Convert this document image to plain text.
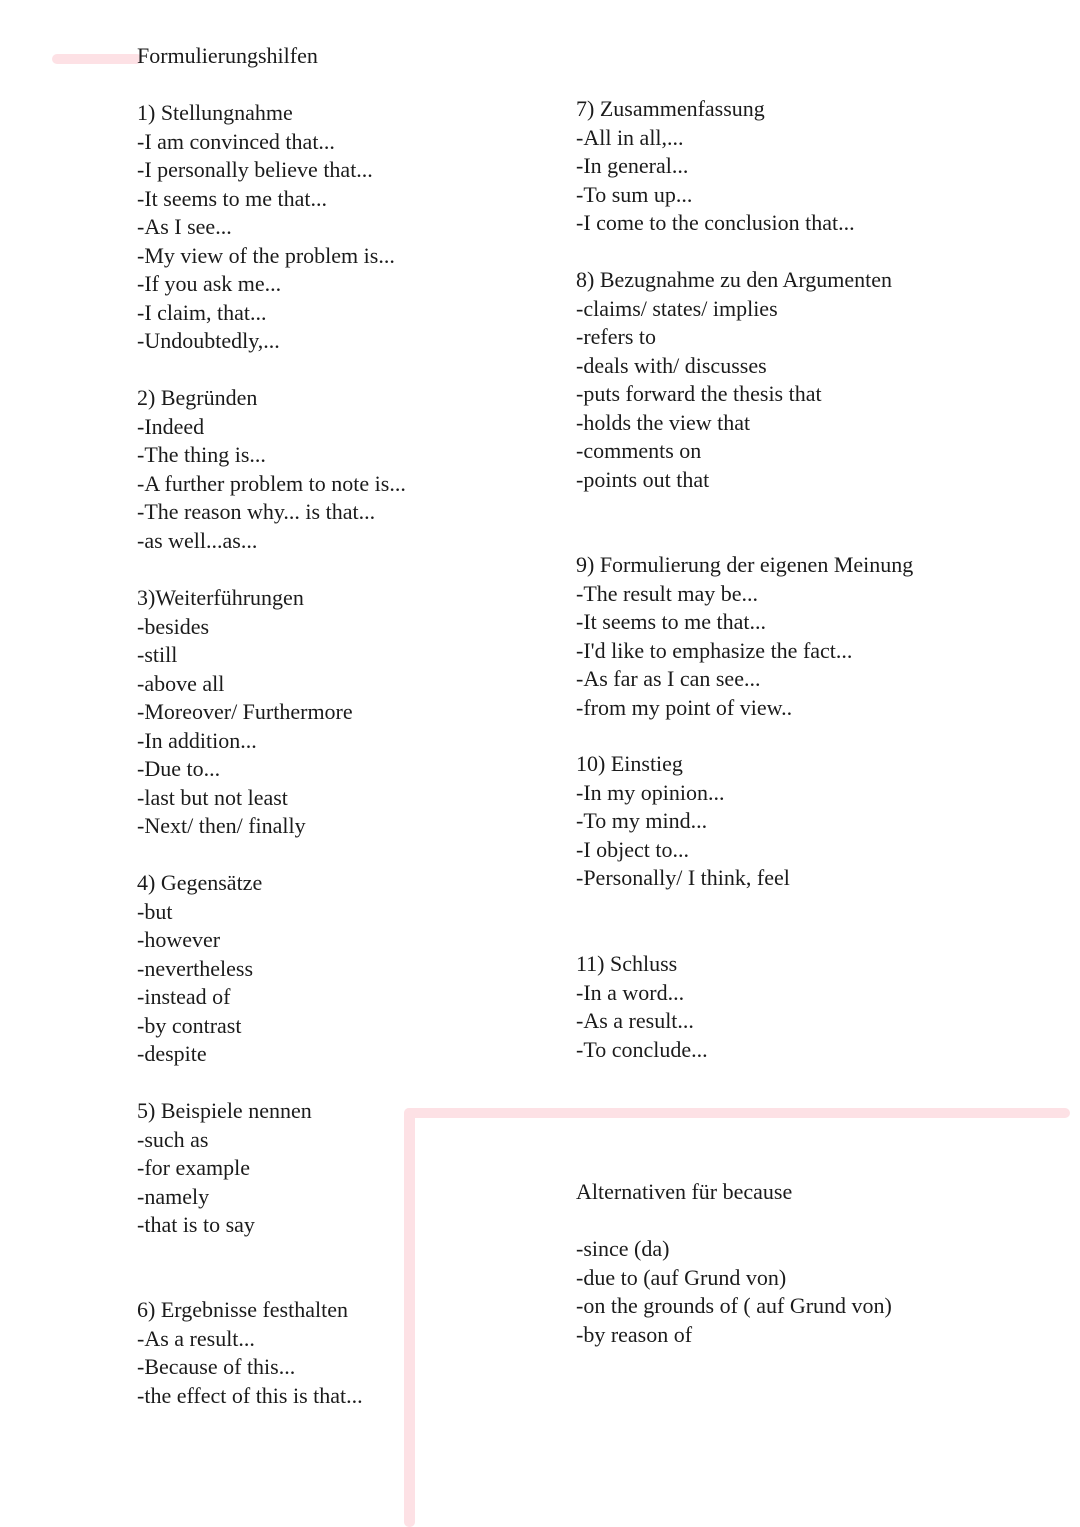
Formulierungshilfen
1) Stellungnahme
-I am convinced that...
-I personally believe that...
-It seems to me that...
-As I see...
-My view of the problem is...
-If you ask me...
-I claim, that...
-Undoubtedly,...
2) Begründen
-Indeed
-The thing is...
-A further problem to note is...
-The reason why... is that...
-as well...as...
3)Weiterführungen
-besides
-still
-above all
-Moreover/ Furthermore
-In addition...
-Due to...
-last but not least
-Next/ then/ finally
4) Gegensätze
-but
-however
-nevertheless
-instead of
-by contrast
-despite
5) Beispiele nennen
-such as
-for example
-namely
-that is to say
6) Ergebnisse festhalten
-As a result...
-Because of this...
-the effect of this is that...
7) Zusammenfassung
-All in all,...
-In general...
-To sum up...
-I come to the conclusion that...
8) Bezugnahme zu den Argumenten
-claims/ states/ implies
-refers to
-deals with/ discusses
-puts forward the thesis that
-holds the view that
-comments on
-points out that
9) Formulierung der eigenen Meinung
-The result may be...
-It seems to me that...
-I'd like to emphasize the fact...
-As far as I can see...
-from my point of view..
10) Einstieg
-In my opinion...
-To my mind...
-I object to...
-Personally/ I think, feel
11) Schluss
-In a word...
-As a result...
-To conclude...
Alternativen für because
-since (da)
-due to (auf Grund von)
-on the grounds of ( auf Grund von)
-by reason of
